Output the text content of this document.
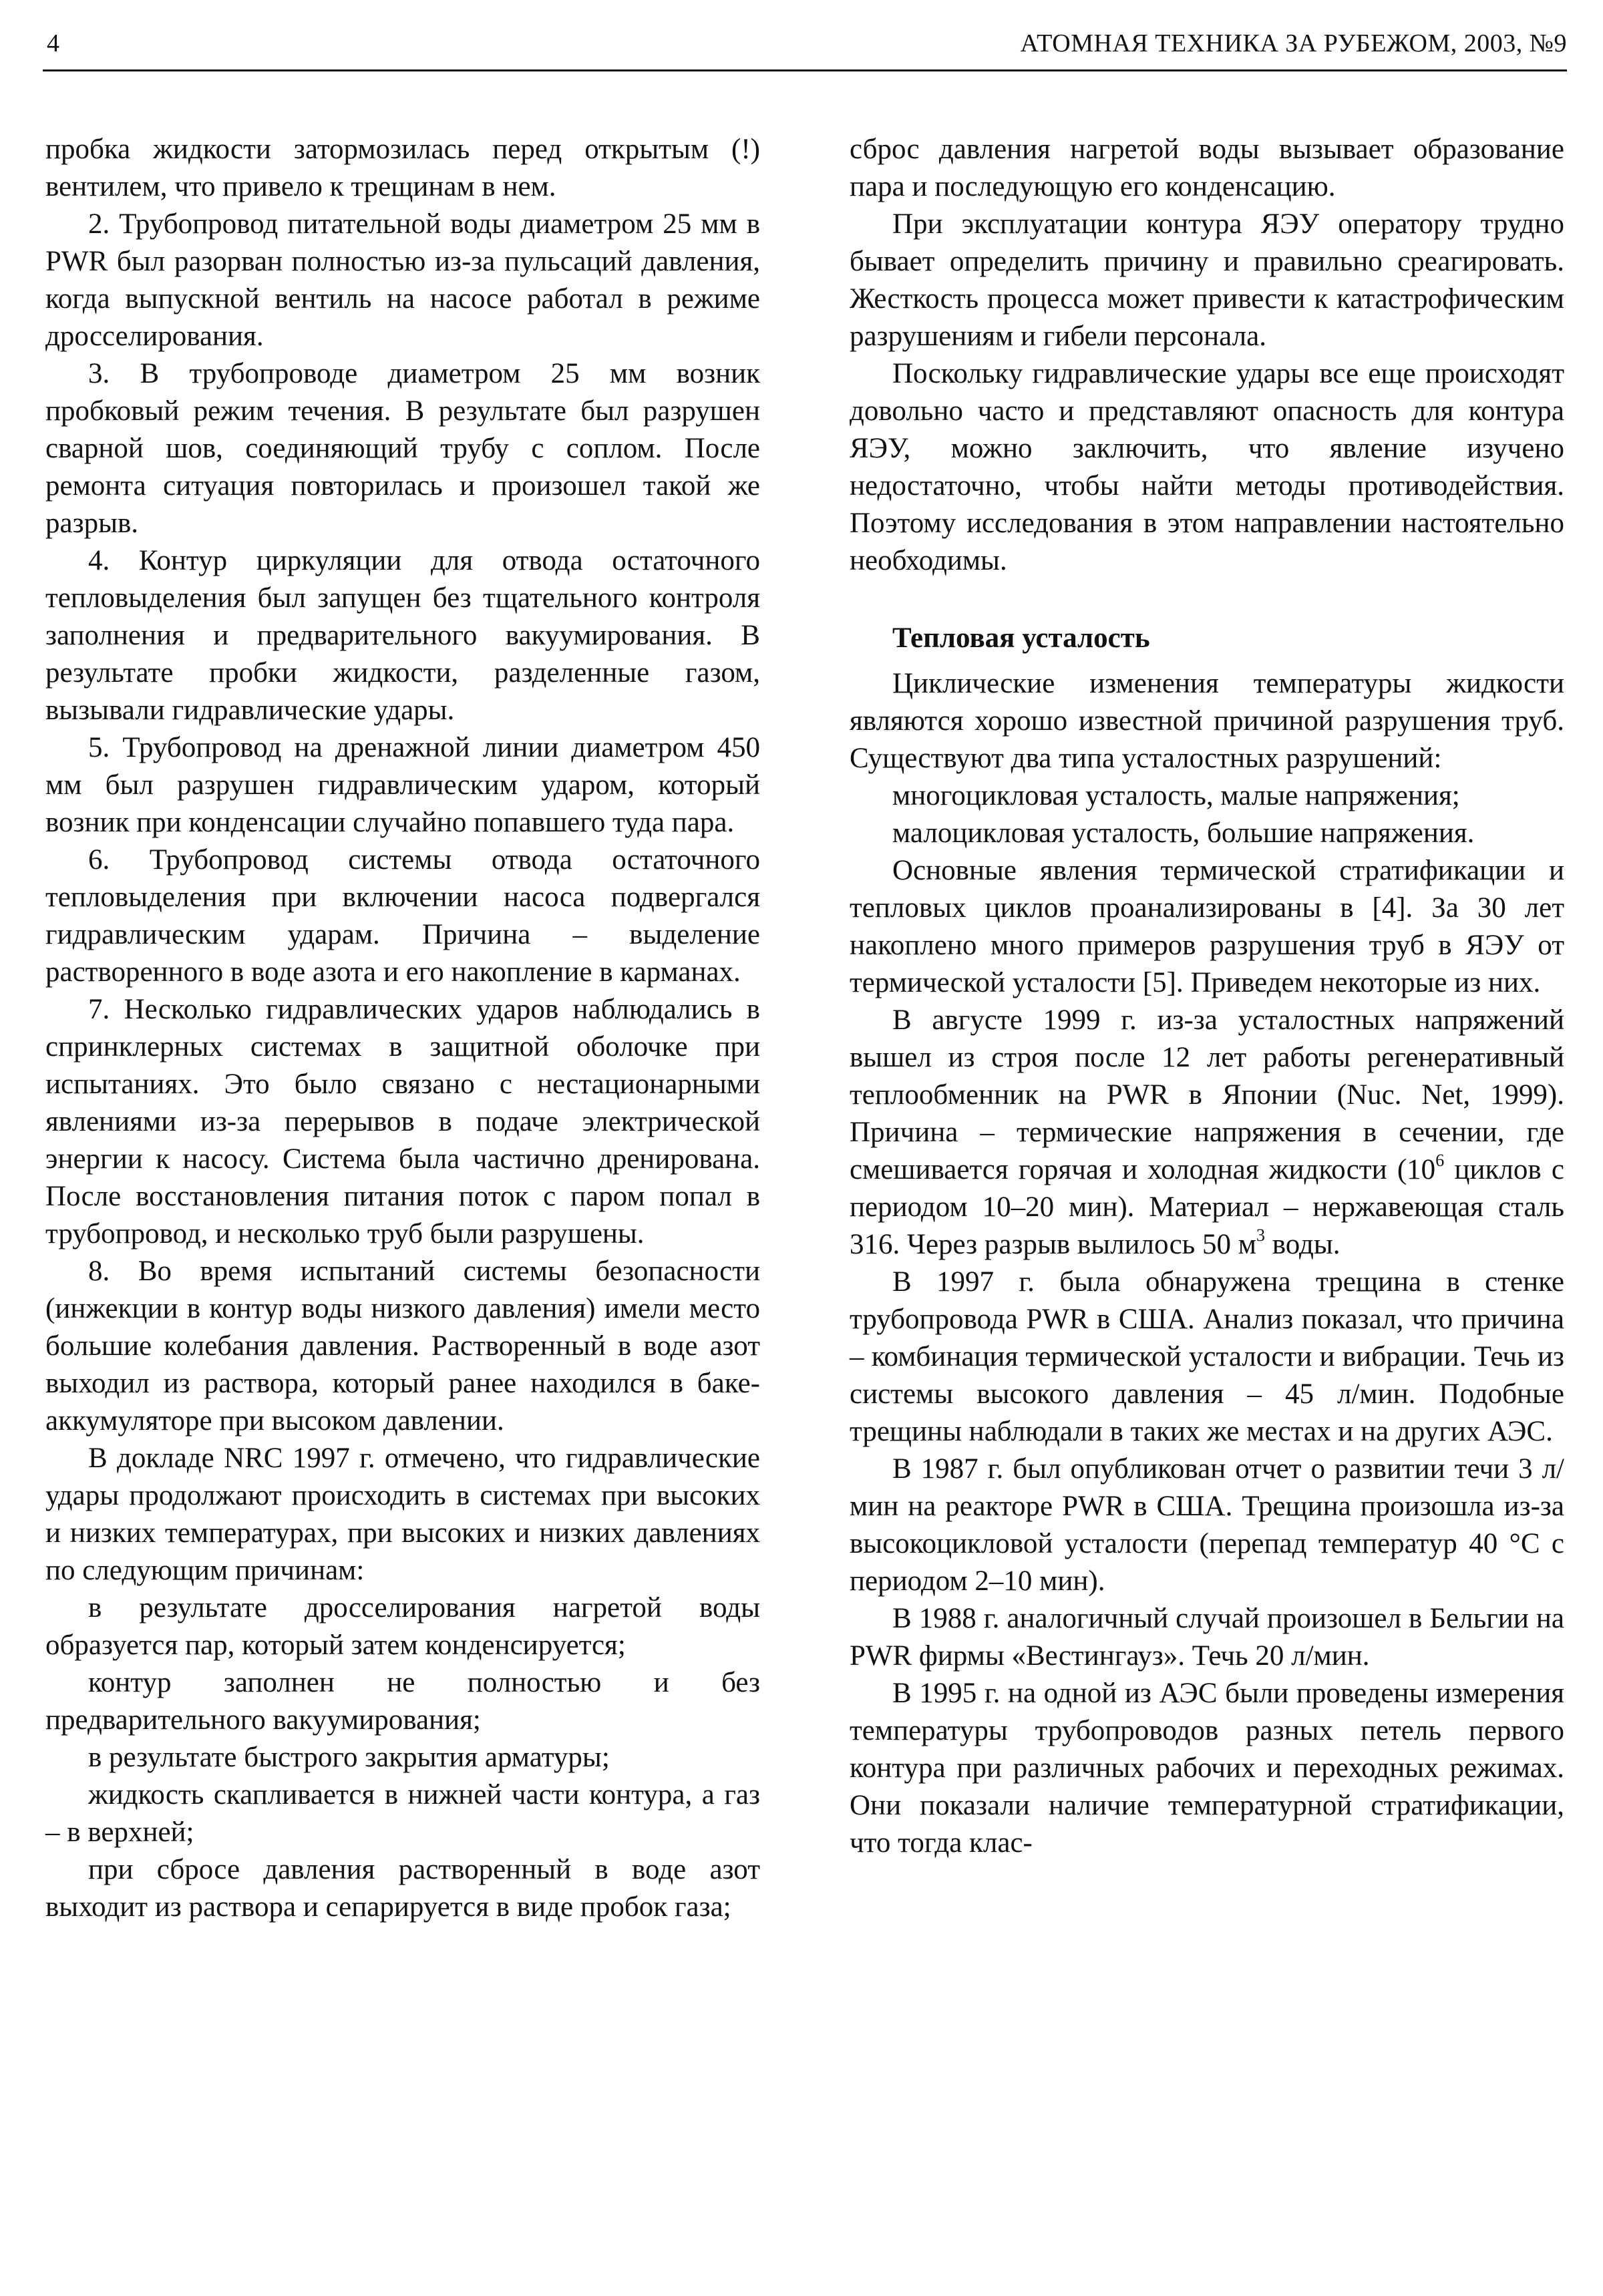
4	АТОМНАЯ ТЕХНИКА ЗА РУБЕЖОМ, 2003, №9

пробка жидкости затормозилась перед открытым (!) вентилем, что привело к трещинам в нем.

2. Трубопровод питательной воды диаметром 25 мм в PWR был разорван полностью из-за пульсаций давления, когда выпускной вентиль на насосе работал в режиме дросселирования.

3. В трубопроводе диаметром 25 мм возник пробковый режим течения. В результате был разрушен сварной шов, соединяющий трубу с соплом. После ремонта ситуация повторилась и произошел такой же разрыв.

4. Контур циркуляции для отвода остаточного тепловыделения был запущен без тщательного контроля заполнения и предварительного вакуумирования. В результате пробки жидкости, разделенные газом, вызывали гидравлические удары.

5. Трубопровод на дренажной линии диаметром 450 мм был разрушен гидравлическим ударом, который возник при конденсации случайно попавшего туда пара.

6. Трубопровод системы отвода остаточного тепловыделения при включении насоса подвергался гидравлическим ударам. Причина – выделение растворенного в воде азота и его накопление в карманах.

7. Несколько гидравлических ударов наблюдались в спринклерных системах в защитной оболочке при испытаниях. Это было связано с нестационарными явлениями из-за перерывов в подаче электрической энергии к насосу. Система была частично дренирована. После восстановления питания поток с паром попал в трубопровод, и несколько труб были разрушены.

8. Во время испытаний системы безопасности (инжекции в контур воды низкого давления) имели место большие колебания давления. Растворенный в воде азот выходил из раствора, который ранее находился в баке-аккумуляторе при высоком давлении.

В докладе NRC 1997 г. отмечено, что гидравлические удары продолжают происходить в системах при высоких и низких температурах, при высоких и низких давлениях по следующим причинам:

в результате дросселирования нагретой воды образуется пар, который затем конденсируется;

контур заполнен не полностью и без предварительного вакуумирования;

в результате быстрого закрытия арматуры;

жидкость скапливается в нижней части контура, а газ – в верхней;

при сбросе давления растворенный в воде азот выходит из раствора и сепарируется в виде пробок газа;

сброс давления нагретой воды вызывает образование пара и последующую его конденсацию.

При эксплуатации контура ЯЭУ оператору трудно бывает определить причину и правильно среагировать. Жесткость процесса может привести к катастрофическим разрушениям и гибели персонала.

Поскольку гидравлические удары все еще происходят довольно часто и представляют опасность для контура ЯЭУ, можно заключить, что явление изучено недостаточно, чтобы найти методы противодействия. Поэтому исследования в этом направлении настоятельно необходимы.

Тепловая усталость

Циклические изменения температуры жидкости являются хорошо известной причиной разрушения труб. Существуют два типа усталостных разрушений:

многоцикловая усталость, малые напряжения;

малоцикловая усталость, большие напряжения.

Основные явления термической стратификации и тепловых циклов проанализированы в [4]. За 30 лет накоплено много примеров разрушения труб в ЯЭУ от термической усталости [5]. Приведем некоторые из них.

В августе 1999 г. из-за усталостных напряжений вышел из строя после 12 лет работы регенеративный теплообменник на PWR в Японии (Nuc. Net, 1999). Причина – термические напряжения в сечении, где смешивается горячая и холодная жидкости ($10^6$ циклов с периодом 10–20 мин). Материал – нержавеющая сталь 316. Через разрыв вылилось 50 $м^3$ воды.

В 1997 г. была обнаружена трещина в стенке трубопровода PWR в США. Анализ показал, что причина – комбинация термической усталости и вибрации. Течь из системы высокого давления – 45 л/мин. Подобные трещины наблюдали в таких же местах и на других АЭС.

В 1987 г. был опубликован отчет о развитии течи 3 л/мин на реакторе PWR в США. Трещина произошла из-за высокоцикловой усталости (перепад температур 40 °С с периодом 2–10 мин).

В 1988 г. аналогичный случай произошел в Бельгии на PWR фирмы «Вестингауз». Течь 20 л/мин.

В 1995 г. на одной из АЭС были проведены измерения температуры трубопроводов разных петель первого контура при различных рабочих и переходных режимах. Они показали наличие температурной стратификации, что тогда клас-
